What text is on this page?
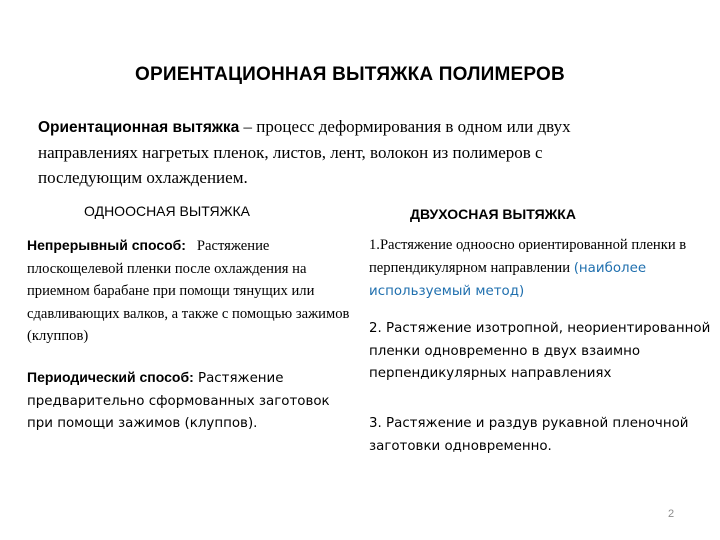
ОРИЕНТАЦИОННАЯ ВЫТЯЖКА ПОЛИМЕРОВ
Ориентационная вытяжка – процесс деформирования в одном или двух направлениях нагретых пленок, листов, лент, волокон из полимеров с последующим охлаждением.
ОДНООСНАЯ ВЫТЯЖКА	ДВУХОСНАЯ ВЫТЯЖКА
Непрерывный способ:   Растяжение плоскощелевой пленки после охлаждения на приемном барабане при помощи тянущих или сдавливающих валков, а также с помощью зажимов (клуппов)
Периодический способ: Растяжение предварительно сформованных заготовок при помощи зажимов (клуппов).
1.Растяжение одноосно ориентированной пленки в перпендикулярном направлении (наиболее используемый метод)
2. Растяжение изотропной, неориентированной пленки одновременно в двух взаимно перпендикулярных направлениях
3. Растяжение и раздув рукавной пленочной заготовки одновременно.
2
